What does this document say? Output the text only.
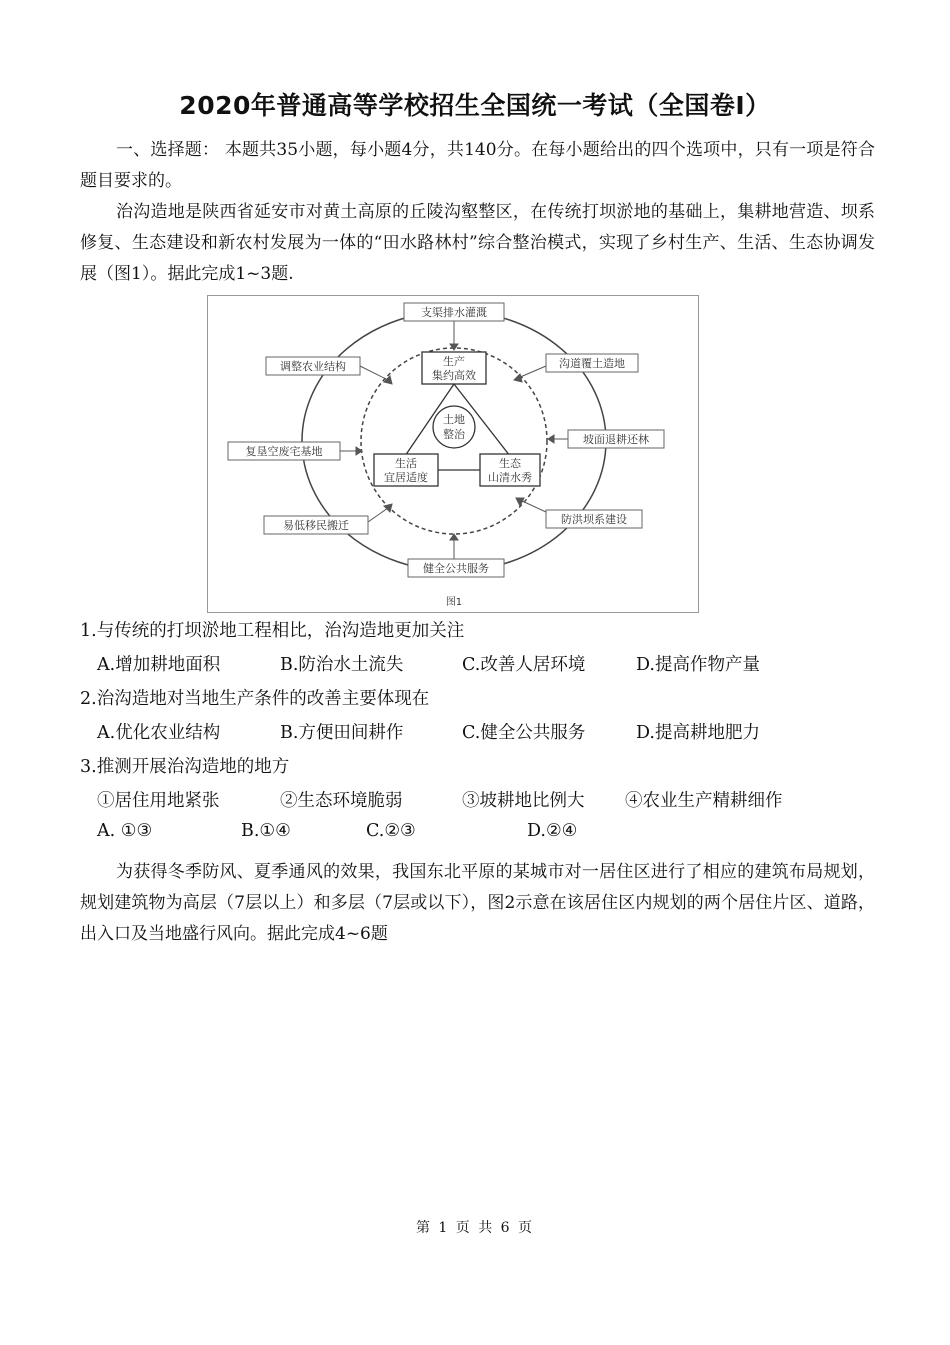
2020年普通高等学校招生全国统一考试（全国卷Ⅰ）
一、选择题： 本题共35小题，每小题4分，共140分。在每小题给出的四个选项中，只有一项是符合题目要求的。
治沟造地是陕西省延安市对黄土高原的丘陵沟壑整区，在传统打坝淤地的基础上，集耕地营造、坝系修复、生态建设和新农村发展为一体的“田水路林村”综合整治模式，实现了乡村生产、生活、生态协调发展（图1）。据此完成1~3题.
土地
整治
生产
集约高效
生活
宜居适度
生态
山清水秀
支渠排水灌溉
沟道覆土造地
坡面退耕还林
防洪坝系建设
健全公共服务
易低移民搬迁
复垦空废宅基地
调整农业结构
图1
1.与传统的打坝淤地工程相比，治沟造地更加关注
A.增加耕地面积	B.防治水土流失	C.改善人居环境	D.提高作物产量
2.治沟造地对当地生产条件的改善主要体现在
A.优化农业结构	B.方便田间耕作	C.健全公共服务	D.提高耕地肥力
3.推测开展治沟造地的地方
①居住用地紧张	②生态环境脆弱	③坡耕地比例大 ④农业生产精耕细作
A. ①③	B.①④	C.②③	D.②④
为获得冬季防风、夏季通风的效果，我国东北平原的某城市对一居住区进行了相应的建筑布局规划，规划建筑物为高层（7层以上）和多层（7层或以下），图2示意在该居住区内规划的两个居住片区、道路，出入口及当地盛行风向。据此完成4~6题
第 1 页 共 6 页
